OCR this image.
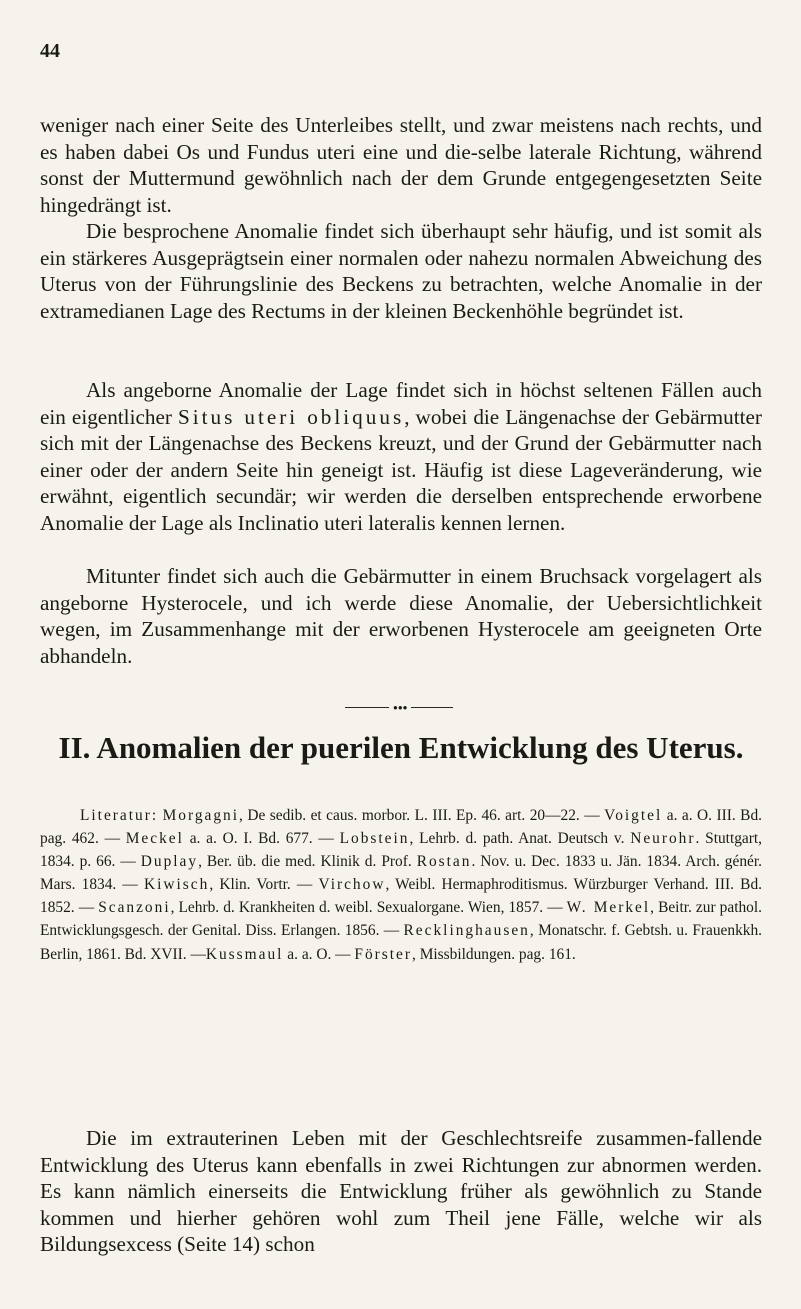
44

weniger nach einer Seite des Unterleibes stellt, und zwar meistens nach rechts, und es haben dabei Os und Fundus uteri eine und die-selbe laterale Richtung, während sonst der Muttermund gewöhnlich nach der dem Grunde entgegengesetzten Seite hingedrängt ist.

Die besprochene Anomalie findet sich überhaupt sehr häufig, und ist somit als ein stärkeres Ausgeprägtsein einer normalen oder nahezu normalen Abweichung des Uterus von der Führungslinie des Beckens zu betrachten, welche Anomalie in der extramedianen Lage des Rectums in der kleinen Beckenhöhle begründet ist.

Als angeborne Anomalie der Lage findet sich in höchst seltenen Fällen auch ein eigentlicher Situs uteri obliquus, wobei die Längenachse der Gebärmutter sich mit der Längenachse des Beckens kreuzt, und der Grund der Gebärmutter nach einer oder der andern Seite hin geneigt ist. Häufig ist diese Lageveränderung, wie erwähnt, eigentlich secundär; wir werden die derselben entsprechende erworbene Anomalie der Lage als Inclinatio uteri lateralis kennen lernen.

Mitunter findet sich auch die Gebärmutter in einem Bruchsack vorgelagert als angeborne Hysterocele, und ich werde diese Anomalie, der Uebersichtlichkeit wegen, im Zusammenhange mit der erworbenen Hysterocele am geeigneten Orte abhandeln.

●●●
II. Anomalien der puerilen Entwicklung des Uterus.

Literatur: Morgagni, De sedib. et caus. morbor. L. III. Ep. 46. art. 20—22. — Voigtel a. a. O. III. Bd. pag. 462. — Meckel a. a. O. I. Bd. 677. — Lobstein, Lehrb. d. path. Anat. Deutsch v. Neurohr. Stuttgart, 1834. p. 66. — Duplay, Ber. üb. die med. Klinik d. Prof. Rostan. Nov. u. Dec. 1833 u. Jän. 1834. Arch. génér. Mars. 1834. — Kiwisch, Klin. Vortr. — Virchow, Weibl. Hermaphroditismus. Würzburger Verhand. III. Bd. 1852. — Scanzoni, Lehrb. d. Krankheiten d. weibl. Sexualorgane. Wien, 1857. — W. Merkel, Beitr. zur pathol. Entwicklungsgesch. der Genital. Diss. Erlangen. 1856. — Recklinghausen, Monatschr. f. Gebtsh. u. Frauenkkh. Berlin, 1861. Bd. XVII. —Kussmaul a. a. O. — Förster, Missbildungen. pag. 161.

Die im extrauterinen Leben mit der Geschlechtsreife zusammen-fallende Entwicklung des Uterus kann ebenfalls in zwei Richtungen zur abnormen werden. Es kann nämlich einerseits die Entwicklung früher als gewöhnlich zu Stande kommen und hierher gehören wohl zum Theil jene Fälle, welche wir als Bildungsexcess (Seite 14) schon
